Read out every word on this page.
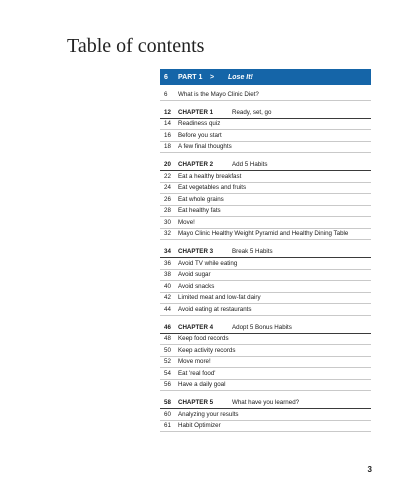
Table of contents
6	PART 1	>	Lose It!
6	What is the Mayo Clinic Diet?
12	CHAPTER 1	Ready, set, go
14	Readiness quiz
16	Before you start
18	A few final thoughts
20	CHAPTER 2	Add 5 Habits
22	Eat a healthy breakfast
24	Eat vegetables and fruits
26	Eat whole grains
28	Eat healthy fats
30	Move!
32	Mayo Clinic Healthy Weight Pyramid and Healthy Dining Table
34	CHAPTER 3	Break 5 Habits
36	Avoid TV while eating
38	Avoid sugar
40	Avoid snacks
42	Limited meat and low-fat dairy
44	Avoid eating at restaurants
46	CHAPTER 4	Adopt 5 Bonus Habits
48	Keep food records
50	Keep activity records
52	Move more!
54	Eat 'real food'
56	Have a daily goal
58	CHAPTER 5	What have you learned?
60	Analyzing your results
61	Habit Optimizer
3
